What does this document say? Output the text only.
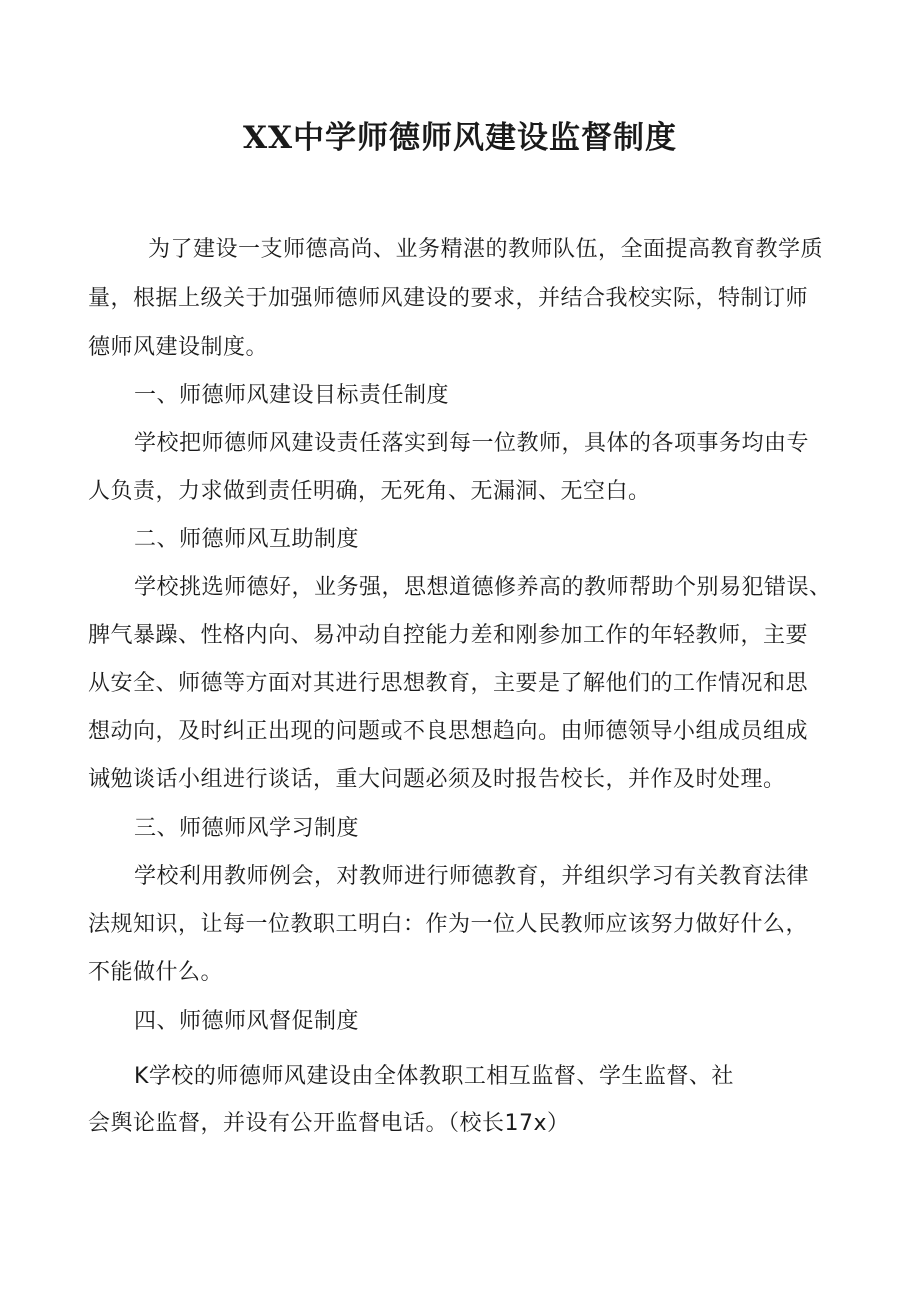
XX中学师德师风建设监督制度
为了建设一支师德高尚、业务精湛的教师队伍，全面提高教育教学质
量，根据上级关于加强师德师风建设的要求，并结合我校实际，特制订师
德师风建设制度。
一、师德师风建设目标责任制度
学校把师德师风建设责任落实到每一位教师，具体的各项事务均由专
人负责，力求做到责任明确，无死角、无漏洞、无空白。
二、师德师风互助制度
学校挑选师德好，业务强，思想道德修养高的教师帮助个别易犯错误、
脾气暴躁、性格内向、易冲动自控能力差和刚参加工作的年轻教师，主要
从安全、师德等方面对其进行思想教育，主要是了解他们的工作情况和思
想动向，及时纠正出现的问题或不良思想趋向。由师德领导小组成员组成
诫勉谈话小组进行谈话，重大问题必须及时报告校长，并作及时处理。
三、师德师风学习制度
学校利用教师例会，对教师进行师德教育，并组织学习有关教育法律
法规知识，让每一位教职工明白：作为一位人民教师应该努力做好什么，
不能做什么。
四、师德师风督促制度
K学校的师德师风建设由全体教职工相互监督、学生监督、社
会舆论监督，并设有公开监督电话。（校长17x）
